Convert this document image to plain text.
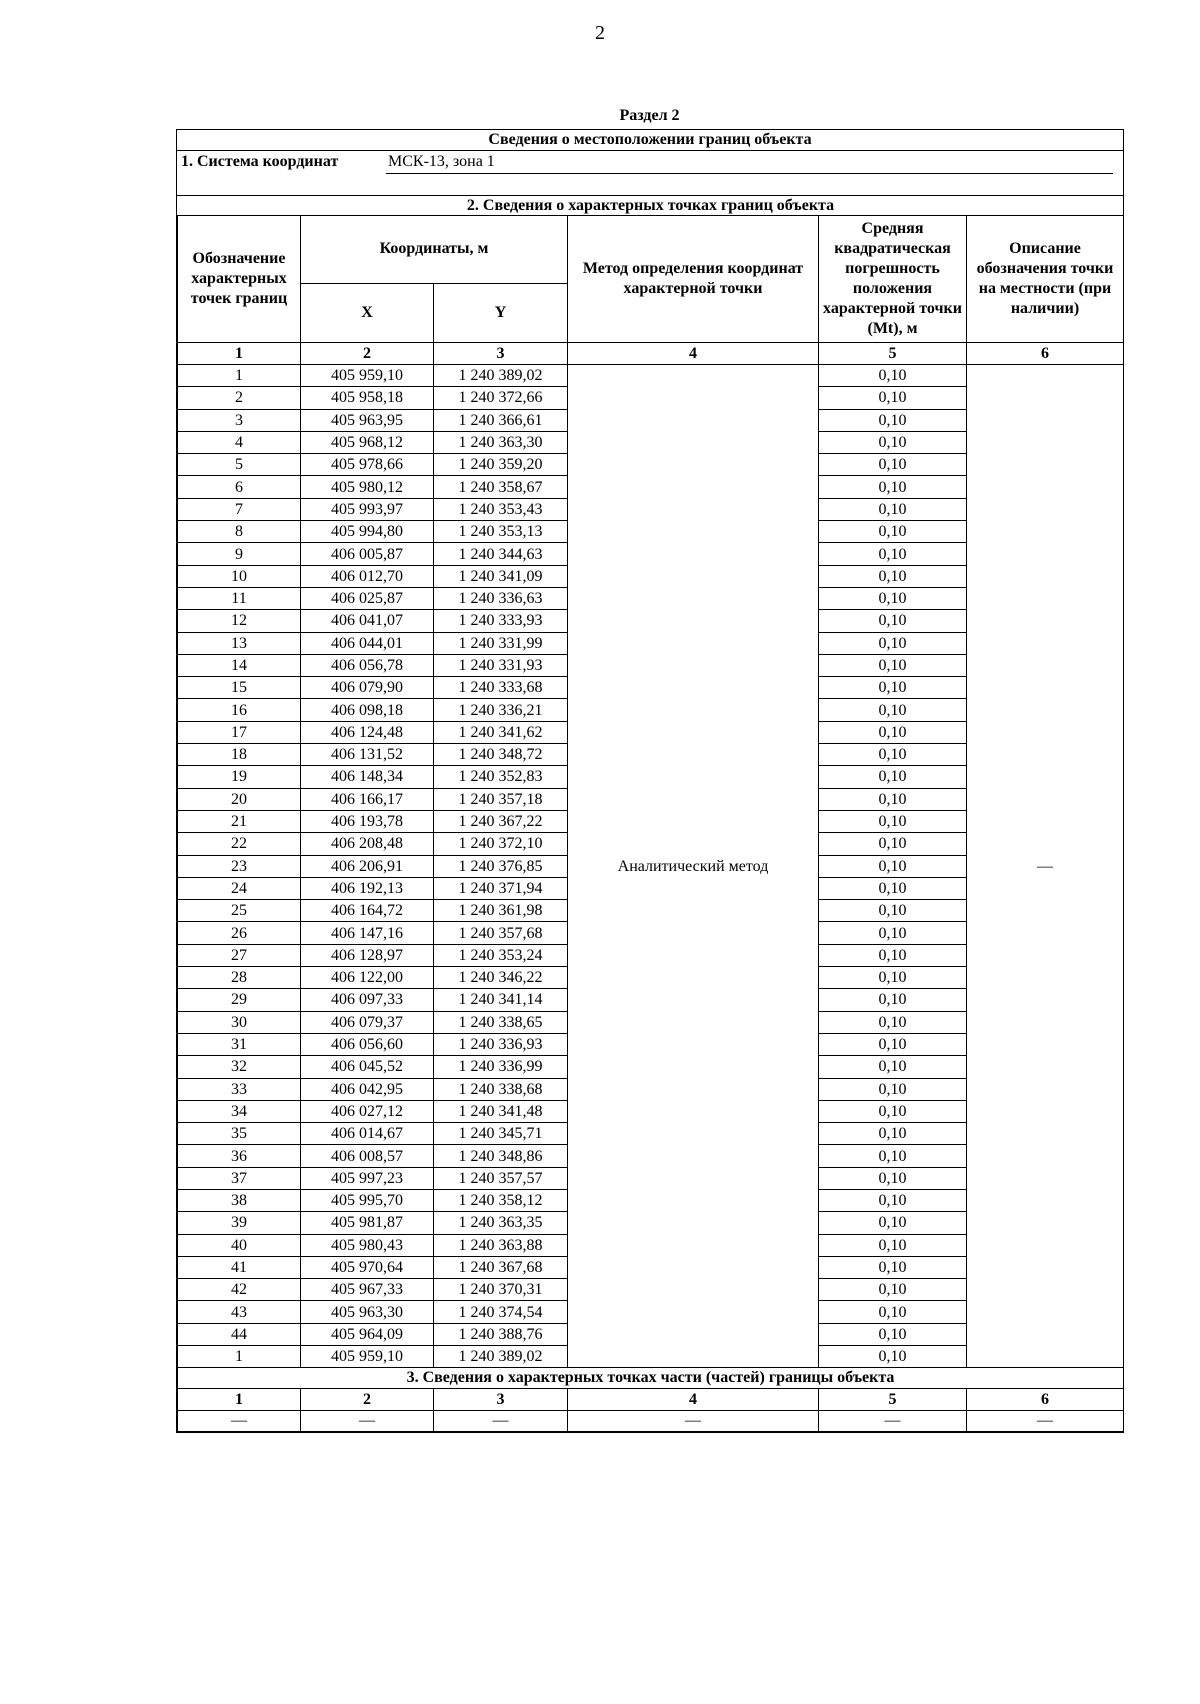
2
Раздел 2
Сведения о местоположении границ объекта
1. Система координат	МСК-13, зона 1
2. Сведения о характерных точках границ объекта					
Обозначение характерных точек границ	Координаты, м		Метод определения координат характерной точки	Средняя квадратическая погрешность положения характерной точки (Mt), м	Описание обозначения точки на местности (при наличии)
	X	Y			
1	2	3	4	5	6
1	405 959,10	1 240 389,02	Аналитический метод	0,10	—
2	405 958,18	1 240 372,66		0,10	
3	405 963,95	1 240 366,61		0,10	
4	405 968,12	1 240 363,30		0,10	
5	405 978,66	1 240 359,20		0,10	
6	405 980,12	1 240 358,67		0,10	
7	405 993,97	1 240 353,43		0,10	
8	405 994,80	1 240 353,13		0,10	
9	406 005,87	1 240 344,63		0,10	
10	406 012,70	1 240 341,09		0,10	
11	406 025,87	1 240 336,63		0,10	
12	406 041,07	1 240 333,93		0,10	
13	406 044,01	1 240 331,99		0,10	
14	406 056,78	1 240 331,93		0,10	
15	406 079,90	1 240 333,68		0,10	
16	406 098,18	1 240 336,21		0,10	
17	406 124,48	1 240 341,62		0,10	
18	406 131,52	1 240 348,72		0,10	
19	406 148,34	1 240 352,83		0,10	
20	406 166,17	1 240 357,18		0,10	
21	406 193,78	1 240 367,22		0,10	
22	406 208,48	1 240 372,10		0,10	
23	406 206,91	1 240 376,85		0,10	
24	406 192,13	1 240 371,94		0,10	
25	406 164,72	1 240 361,98		0,10	
26	406 147,16	1 240 357,68		0,10	
27	406 128,97	1 240 353,24		0,10	
28	406 122,00	1 240 346,22		0,10	
29	406 097,33	1 240 341,14		0,10	
30	406 079,37	1 240 338,65		0,10	
31	406 056,60	1 240 336,93		0,10	
32	406 045,52	1 240 336,99		0,10	
33	406 042,95	1 240 338,68		0,10	
34	406 027,12	1 240 341,48		0,10	
35	406 014,67	1 240 345,71		0,10	
36	406 008,57	1 240 348,86		0,10	
37	405 997,23	1 240 357,57		0,10	
38	405 995,70	1 240 358,12		0,10	
39	405 981,87	1 240 363,35		0,10	
40	405 980,43	1 240 363,88		0,10	
41	405 970,64	1 240 367,68		0,10	
42	405 967,33	1 240 370,31		0,10	
43	405 963,30	1 240 374,54		0,10	
44	405 964,09	1 240 388,76		0,10	
1	405 959,10	1 240 389,02		0,10	
3. Сведения о характерных точках части (частей) границы объекта					
1	2	3	4	5	6
—	—	—	—	—	—
